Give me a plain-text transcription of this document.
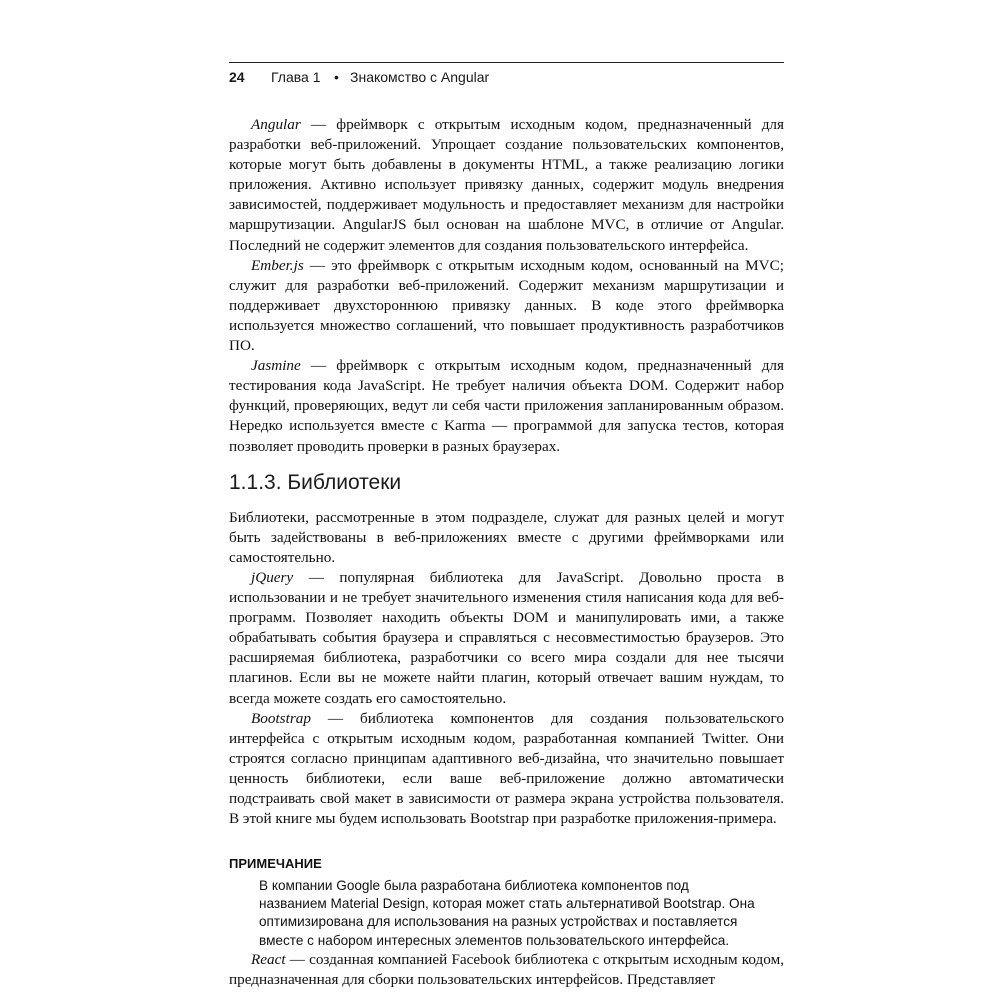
24 Глава 1 • Знакомство с Angular

Angular — фреймворк с открытым исходным кодом, предназначенный для разработки веб-приложений. Упрощает создание пользовательских компонентов, которые могут быть добавлены в документы HTML, а также реализацию логики приложения. Активно использует привязку данных, содержит модуль внедрения зависимостей, поддерживает модульность и предоставляет механизм для настройки маршрутизации. AngularJS был основан на шаблоне MVC, в отличие от Angular. Последний не содержит элементов для создания пользовательского интерфейса.

Ember.js — это фреймворк с открытым исходным кодом, основанный на MVC; служит для разработки веб-приложений. Содержит механизм маршрутизации и поддерживает двухстороннюю привязку данных. В коде этого фреймворка используется множество соглашений, что повышает продуктивность разработчиков ПО.

Jasmine — фреймворк с открытым исходным кодом, предназначенный для тестирования кода JavaScript. Не требует наличия объекта DOM. Содержит набор функций, проверяющих, ведут ли себя части приложения запланированным образом. Нередко используется вместе с Karma — программой для запуска тестов, которая позволяет проводить проверки в разных браузерах.

1.1.3. Библиотеки

Библиотеки, рассмотренные в этом подразделе, служат для разных целей и могут быть задействованы в веб-приложениях вместе с другими фреймворками или самостоятельно.

jQuery — популярная библиотека для JavaScript. Довольно проста в использовании и не требует значительного изменения стиля написания кода для веб-программ. Позволяет находить объекты DOM и манипулировать ими, а также обрабатывать события браузера и справляться с несовместимостью браузеров. Это расширяемая библиотека, разработчики со всего мира создали для нее тысячи плагинов. Если вы не можете найти плагин, который отвечает вашим нуждам, то всегда можете создать его самостоятельно.

Bootstrap — библиотека компонентов для создания пользовательского интерфейса с открытым исходным кодом, разработанная компанией Twitter. Они строятся согласно принципам адаптивного веб-дизайна, что значительно повышает ценность библиотеки, если ваше веб-приложение должно автоматически подстраивать свой макет в зависимости от размера экрана устройства пользователя. В этой книге мы будем использовать Bootstrap при разработке приложения-примера.

ПРИМЕЧАНИЕ
В компании Google была разработана библиотека компонентов под названием Material Design, которая может стать альтернативой Bootstrap. Она оптимизирована для использования на разных устройствах и поставляется вместе с набором интересных элементов пользовательского интерфейса.

React — созданная компанией Facebook библиотека с открытым исходным кодом, предназначенная для сборки пользовательских интерфейсов. Представляет
